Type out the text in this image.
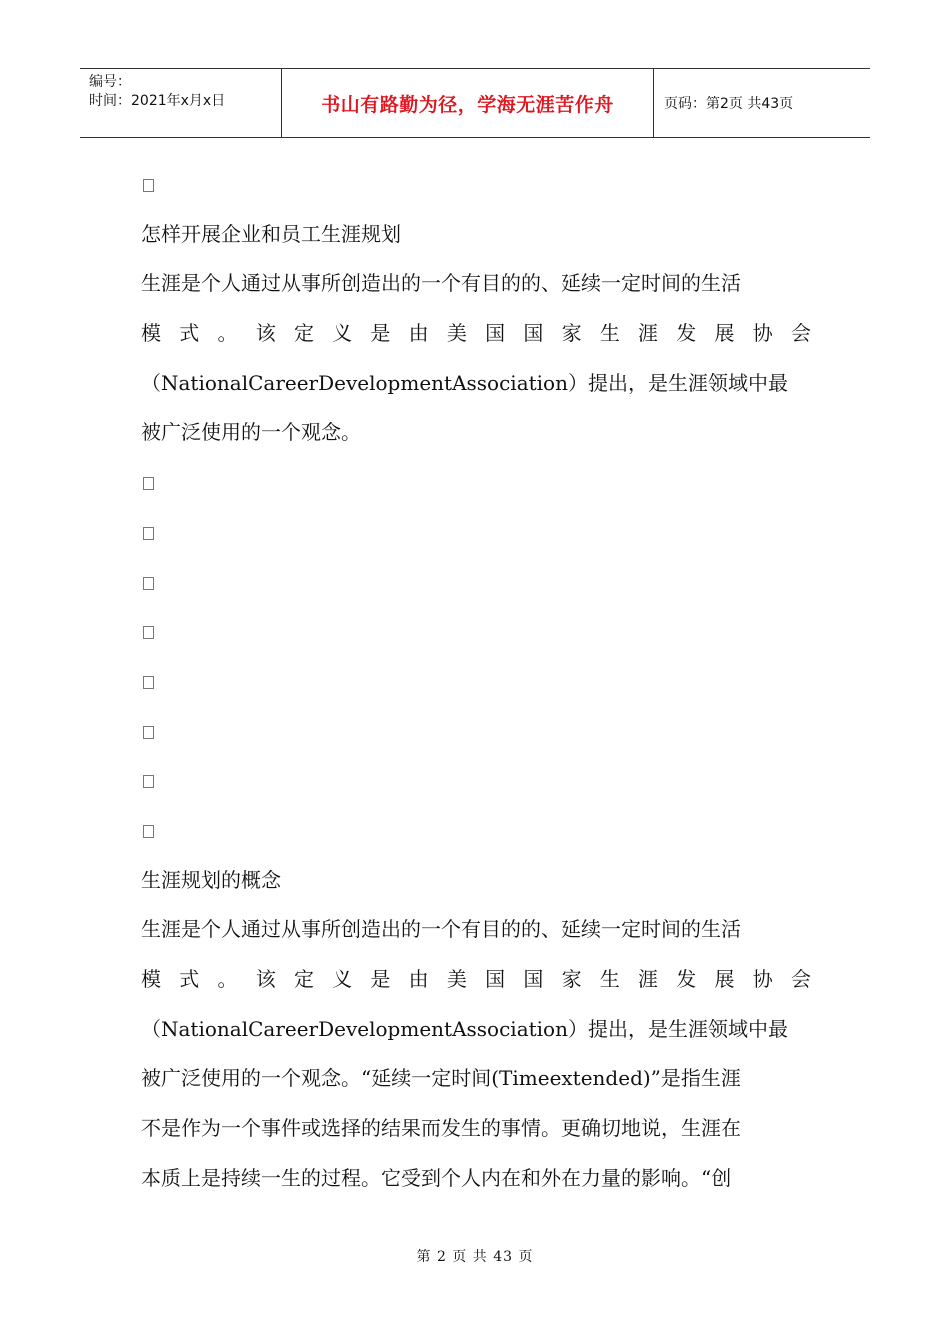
编号：
时间：2021年x月x日	书山有路勤为径，学海无涯苦作舟	页码：第2页 共43页
怎样开展企业和员工生涯规划
生涯是个人通过从事所创造出的一个有目的的、延续一定时间的生活
模式。该定义是由美国国家生涯发展协会
（NationalCareerDevelopmentAssociation）提出，是生涯领域中最
被广泛使用的一个观念。
生涯规划的概念
生涯是个人通过从事所创造出的一个有目的的、延续一定时间的生活
模式。该定义是由美国国家生涯发展协会
（NationalCareerDevelopmentAssociation）提出，是生涯领域中最
被广泛使用的一个观念。“延续一定时间(Timeextended)”是指生涯
不是作为一个事件或选择的结果而发生的事情。更确切地说，生涯在
本质上是持续一生的过程。它受到个人内在和外在力量的影响。“创
第 2 页 共 43 页
